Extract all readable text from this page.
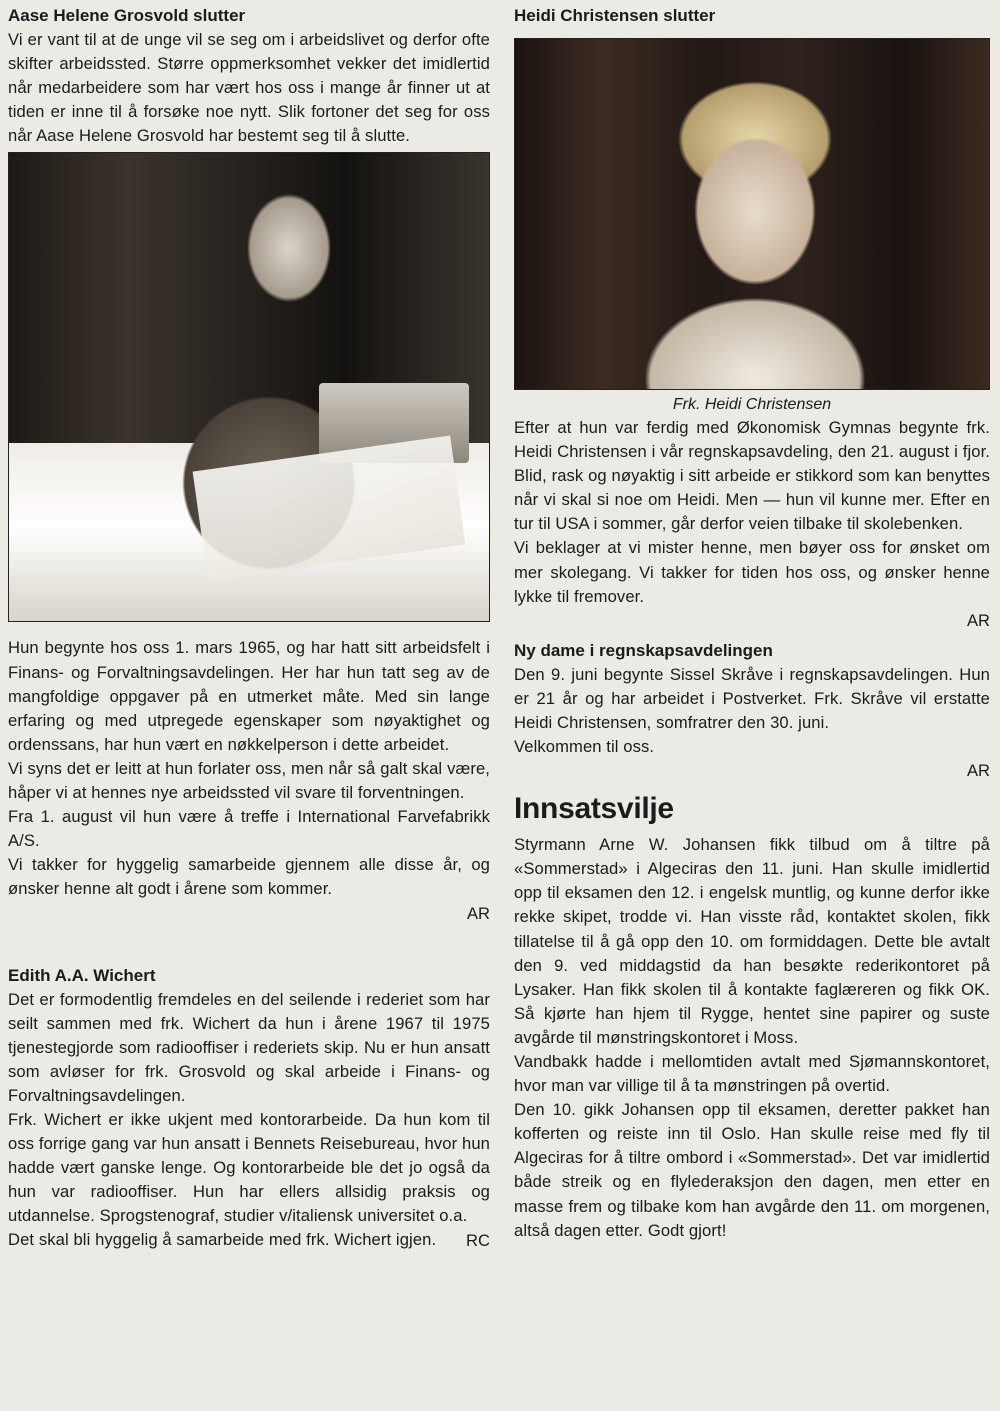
Aase Helene Grosvold slutter

Vi er vant til at de unge vil se seg om i arbeidslivet og derfor ofte skifter arbeidssted. Større oppmerksomhet vekker det imidlertid når medarbeidere som har vært hos oss i mange år finner ut at tiden er inne til å forsøke noe nytt. Slik fortoner det seg for oss når Aase Helene Grosvold har bestemt seg til å slutte.

Hun begynte hos oss 1. mars 1965, og har hatt sitt arbeidsfelt i Finans- og Forvaltningsavdelingen. Her har hun tatt seg av de mangfoldige oppgaver på en utmerket måte. Med sin lange erfaring og med utpregede egenskaper som nøyaktighet og ordenssans, har hun vært en nøkkelperson i dette arbeidet.

Vi syns det er leitt at hun forlater oss, men når så galt skal være, håper vi at hennes nye arbeidssted vil svare til forventningen.

Fra 1. august vil hun være å treffe i International Farvefabrikk A/S.

Vi takker for hyggelig samarbeide gjennem alle disse år, og ønsker henne alt godt i årene som kommer.

AR
Edith A.A. Wichert

Det er formodentlig fremdeles en del seilende i rederiet som har seilt sammen med frk. Wichert da hun i årene 1967 til 1975 tjenestegjorde som radiooffiser i rederiets skip. Nu er hun ansatt som avløser for frk. Grosvold og skal arbeide i Finans- og Forvaltningsavdelingen.

Frk. Wichert er ikke ukjent med kontorarbeide. Da hun kom til oss forrige gang var hun ansatt i Bennets Reisebureau, hvor hun hadde vært ganske lenge. Og kontorarbeide ble det jo også da hun var radiooffiser. Hun har ellers allsidig praksis og utdannelse. Sprogstenograf, studier v/italiensk universitet o.a.

Det skal bli hyggelig å samarbeide med frk. Wichert igjen.	RC
Heidi Christensen slutter
Frk. Heidi Christensen

Efter at hun var ferdig med Økonomisk Gymnas begynte frk. Heidi Christensen i vår regnskapsavdeling, den 21. august i fjor. Blid, rask og nøyaktig i sitt arbeide er stikkord som kan benyttes når vi skal si noe om Heidi. Men — hun vil kunne mer. Efter en tur til USA i sommer, går derfor veien tilbake til skolebenken.

Vi beklager at vi mister henne, men bøyer oss for ønsket om mer skolegang. Vi takker for tiden hos oss, og ønsker henne lykke til fremover.

AR
Ny dame i regnskapsavdelingen

Den 9. juni begynte Sissel Skråve i regnskapsavdelingen. Hun er 21 år og har arbeidet i Postverket. Frk. Skråve vil erstatte Heidi Christensen, somfratrer den 30. juni.

Velkommen til oss.

AR
Innsatsvilje

Styrmann Arne W. Johansen fikk tilbud om å tiltre på «Sommerstad» i Algeciras den 11. juni. Han skulle imidlertid opp til eksamen den 12. i engelsk muntlig, og kunne derfor ikke rekke skipet, trodde vi. Han visste råd, kontaktet skolen, fikk tillatelse til å gå opp den 10. om formiddagen. Dette ble avtalt den 9. ved middagstid da han besøkte rederikontoret på Lysaker. Han fikk skolen til å kontakte faglæreren og fikk OK. Så kjørte han hjem til Rygge, hentet sine papirer og suste avgårde til mønstringskontoret i Moss.

Vandbakk hadde i mellomtiden avtalt med Sjømannskontoret, hvor man var villige til å ta mønstringen på overtid.

Den 10. gikk Johansen opp til eksamen, deretter pakket han kofferten og reiste inn til Oslo. Han skulle reise med fly til Algeciras for å tiltre ombord i «Sommerstad». Det var imidlertid både streik og en flylederaksjon den dagen, men etter en masse frem og tilbake kom han avgårde den 11. om morgenen, altså dagen etter. Godt gjort!
